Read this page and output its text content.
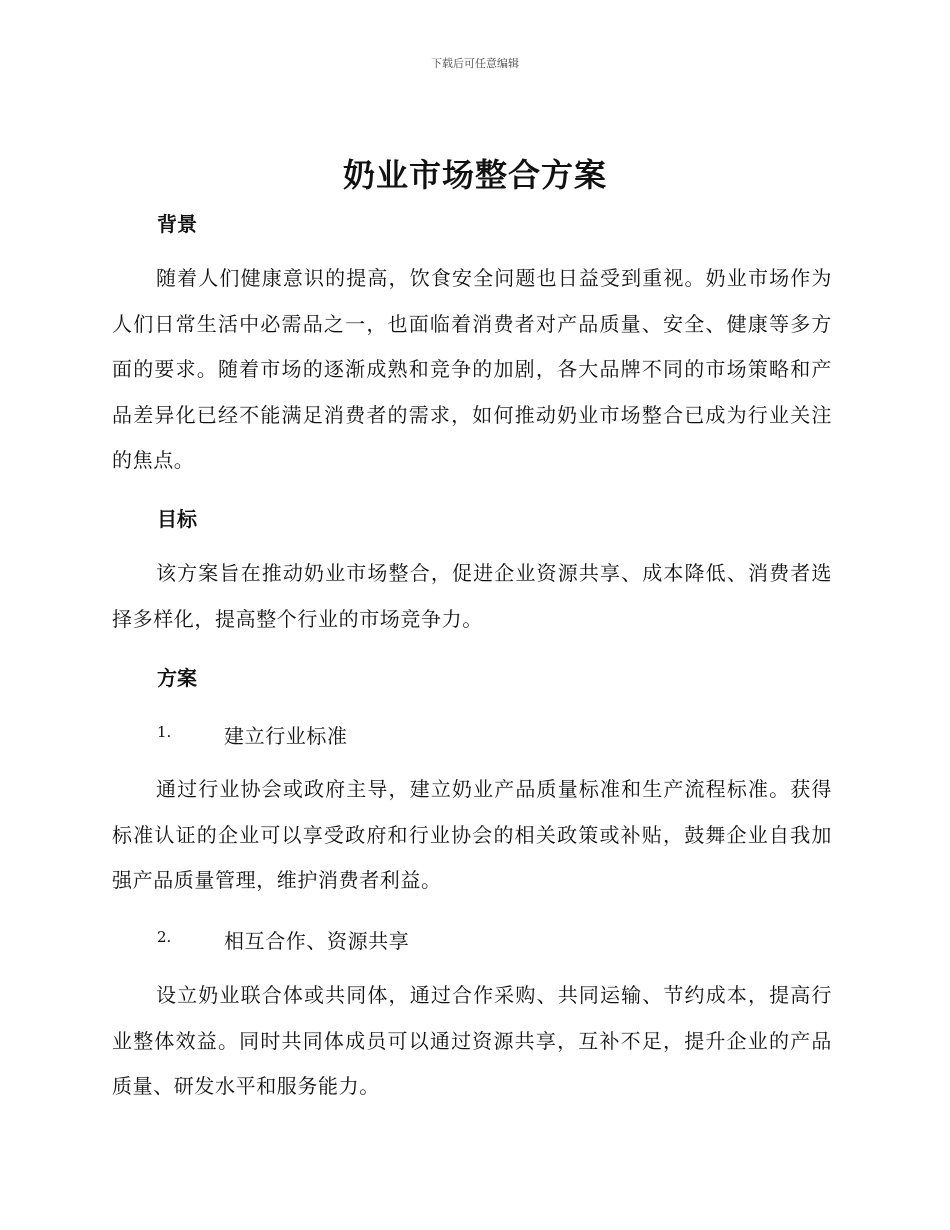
下载后可任意编辑
奶业市场整合方案
背景
随着人们健康意识的提高，饮食安全问题也日益受到重视。奶业市场作为人们日常生活中必需品之一，也面临着消费者对产品质量、安全、健康等多方面的要求。随着市场的逐渐成熟和竞争的加剧，各大品牌不同的市场策略和产品差异化已经不能满足消费者的需求，如何推动奶业市场整合已成为行业关注的焦点。
目标
该方案旨在推动奶业市场整合，促进企业资源共享、成本降低、消费者选择多样化，提高整个行业的市场竞争力。
方案
1.	建立行业标准
通过行业协会或政府主导，建立奶业产品质量标准和生产流程标准。获得标准认证的企业可以享受政府和行业协会的相关政策或补贴，鼓舞企业自我加强产品质量管理，维护消费者利益。
2.	相互合作、资源共享
设立奶业联合体或共同体，通过合作采购、共同运输、节约成本，提高行业整体效益。同时共同体成员可以通过资源共享，互补不足，提升企业的产品质量、研发水平和服务能力。
